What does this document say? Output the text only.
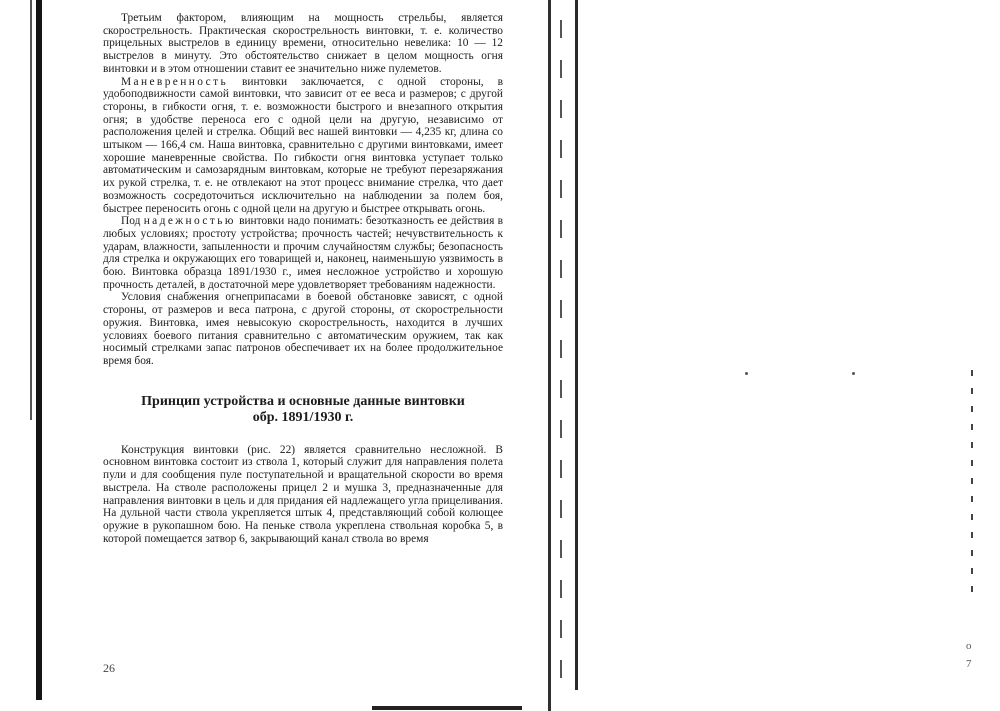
Третьим фактором, влияющим на мощность стрельбы, является скорострельность. Практическая скорострельность винтовки, т. е. количество прицельных выстрелов в единицу времени, относительно невелика: 10 — 12 выстрелов в минуту. Это обстоятельство снижает в целом мощность огня винтовки и в этом отношении ставит ее значительно ниже пулеметов.

Маневренность винтовки заключается, с одной стороны, в удобоподвижности самой винтовки, что зависит от ее веса и размеров; с другой стороны, в гибкости огня, т. е. возможности быстрого и внезапного открытия огня; в удобстве переноса его с одной цели на другую, независимо от расположения целей и стрелка. Общий вес нашей винтовки — 4,235 кг, длина со штыком — 166,4 см. Наша винтовка, сравнительно с другими винтовками, имеет хорошие маневренные свойства. По гибкости огня винтовка уступает только автоматическим и самозарядным винтовкам, которые не требуют перезаряжания их рукой стрелка, т. е. не отвлекают на этот процесс внимание стрелка, что дает возможность сосредоточиться исключительно на наблюдении за полем боя, быстрее переносить огонь с одной цели на другую и быстрее открывать огонь.

Под надежностью винтовки надо понимать: безотказность ее действия в любых условиях; простоту устройства; прочность частей; нечувствительность к ударам, влажности, запыленности и прочим случайностям службы; безопасность для стрелка и окружающих его товарищей и, наконец, наименьшую уязвимость в бою. Винтовка образца 1891/1930 г., имея несложное устройство и хорошую прочность деталей, в достаточной мере удовлетворяет требованиям надежности.

Условия снабжения огнеприпасами в боевой обстановке зависят, с одной стороны, от размеров и веса патрона, с другой стороны, от скорострельности оружия. Винтовка, имея невысокую скорострельность, находится в лучших условиях боевого питания сравнительно с автоматическим оружием, так как носимый стрелками запас патронов обеспечивает их на более продолжительное время боя.

Принцип устройства и основные данные винтовки
обр. 1891/1930 г.

Конструкция винтовки (рис. 22) является сравнительно несложной. В основном винтовка состоит из ствола 1, который служит для направления полета пули и для сообщения пуле поступательной и вращательной скорости во время выстрела. На стволе расположены прицел 2 и мушка 3, предназначенные для направления винтовки в цель и для придания ей надлежащего угла прицеливания. На дульной части ствола укрепляется штык 4, представляющий собой колющее оружие в рукопашном бою. На пеньке ствола укреплена ствольная коробка 5, в которой помещается затвор 6, закрывающий канал ствола во время

26
о
7
